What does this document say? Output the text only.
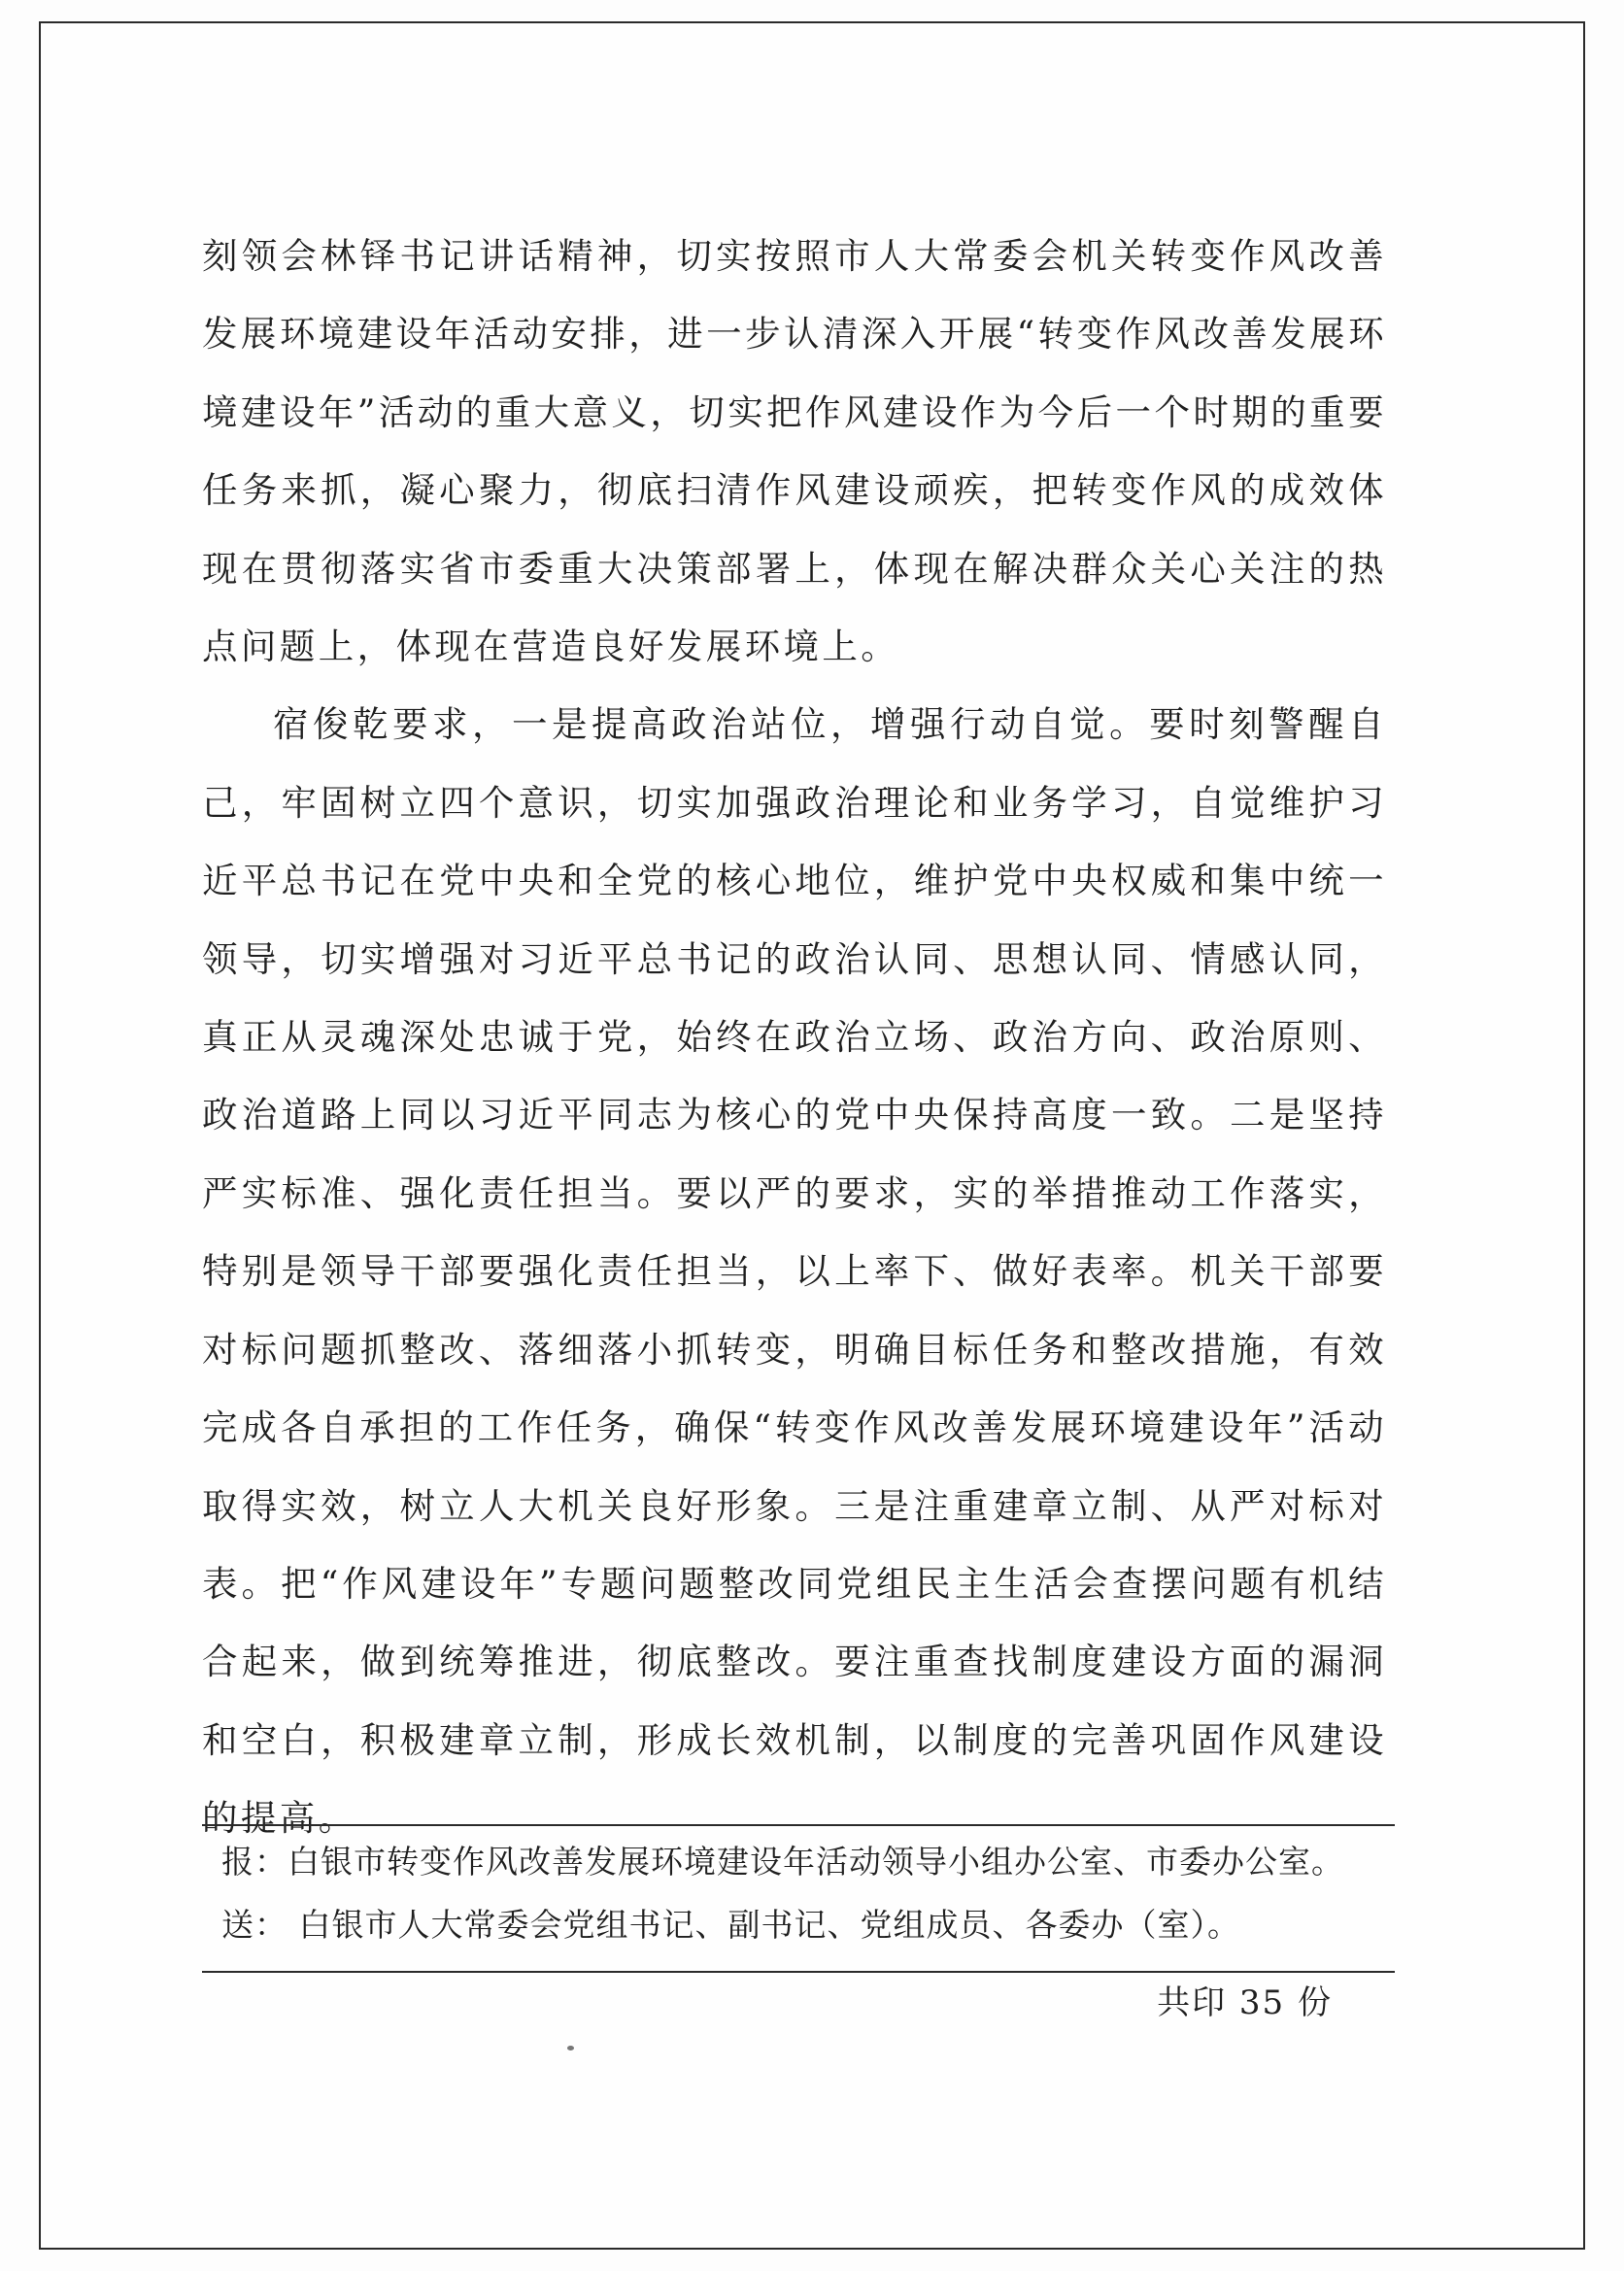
刻领会林铎书记讲话精神，切实按照市人大常委会机关转变作风改善发展环境建设年活动安排，进一步认清深入开展“转变作风改善发展环境建设年”活动的重大意义，切实把作风建设作为今后一个时期的重要任务来抓，凝心聚力，彻底扫清作风建设顽疾，把转变作风的成效体现在贯彻落实省市委重大决策部署上，体现在解决群众关心关注的热点问题上，体现在营造良好发展环境上。

宿俊乾要求，一是提高政治站位，增强行动自觉。要时刻警醒自己，牢固树立四个意识，切实加强政治理论和业务学习，自觉维护习近平总书记在党中央和全党的核心地位，维护党中央权威和集中统一领导，切实增强对习近平总书记的政治认同、思想认同、情感认同，真正从灵魂深处忠诚于党，始终在政治立场、政治方向、政治原则、政治道路上同以习近平同志为核心的党中央保持高度一致。二是坚持严实标准、强化责任担当。要以严的要求，实的举措推动工作落实，特别是领导干部要强化责任担当，以上率下、做好表率。机关干部要对标问题抓整改、落细落小抓转变，明确目标任务和整改措施，有效完成各自承担的工作任务，确保“转变作风改善发展环境建设年”活动取得实效，树立人大机关良好形象。三是注重建章立制、从严对标对表。把“作风建设年”专题问题整改同党组民主生活会查摆问题有机结合起来，做到统筹推进，彻底整改。要注重查找制度建设方面的漏洞和空白，积极建章立制，形成长效机制，以制度的完善巩固作风建设的提高。

报：白银市转变作风改善发展环境建设年活动领导小组办公室、市委办公室。
送： 白银市人大常委会党组书记、副书记、党组成员、各委办（室）。
共印 35 份
